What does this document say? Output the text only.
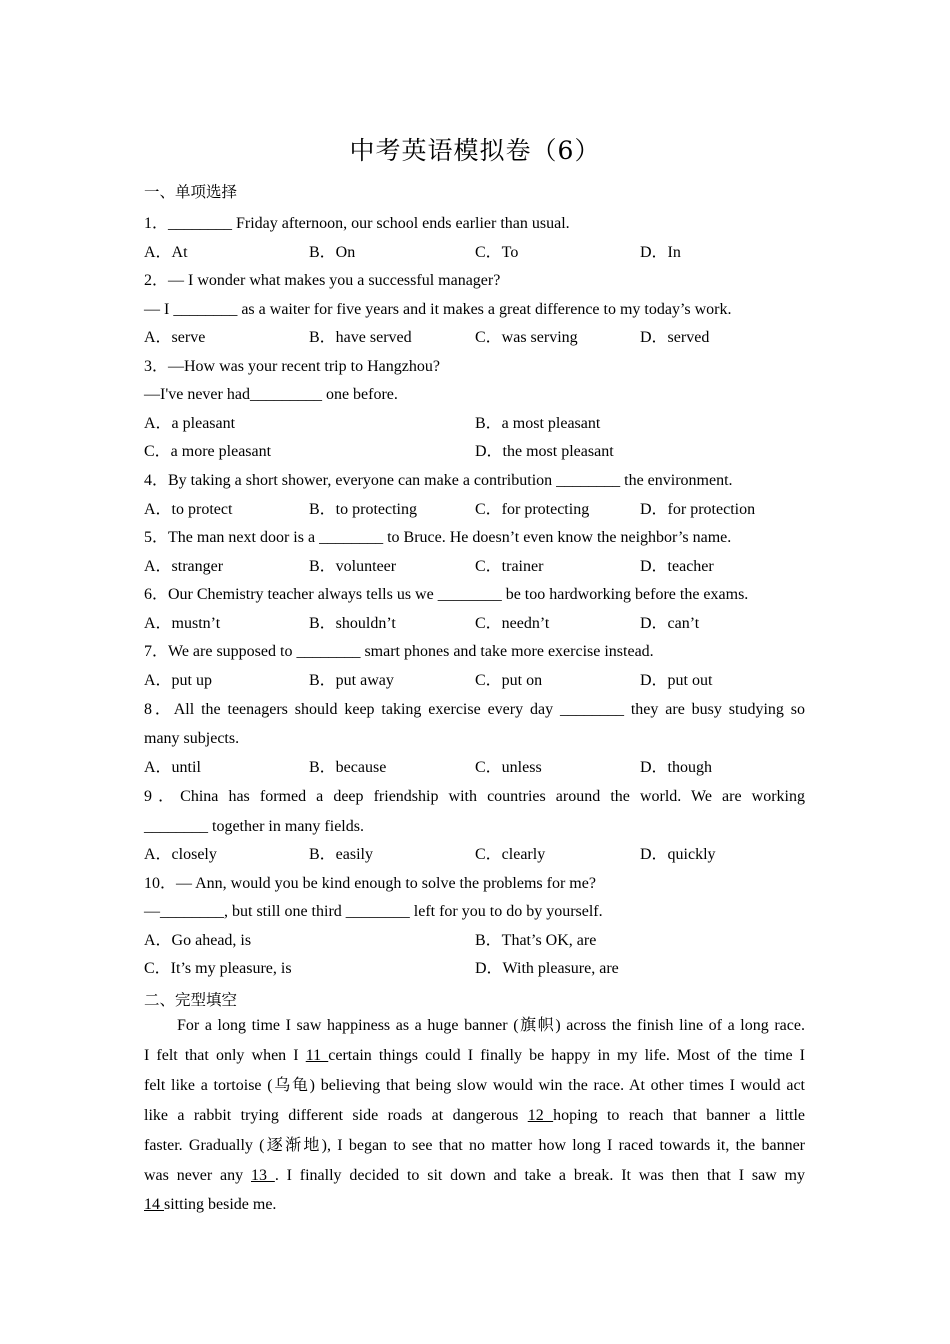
中考英语模拟卷（6）
一、单项选择
1．________ Friday afternoon, our school ends earlier than usual.
A．At	B．On	C．To	D．In
2．— I wonder what makes you a successful manager?
— I ________ as a waiter for five years and it makes a great difference to my today’s work.
A．serve	B．have served	C．was serving	D．served
3．—How was your recent trip to Hangzhou?
—I've never had_________ one before.
A．a pleasant	B．a most pleasant
C．a more pleasant	D．the most pleasant
4．By taking a short shower, everyone can make a contribution ________ the environment.
A．to protect	B．to protecting	C．for protecting	D．for protection
5．The man next door is a ________ to Bruce. He doesn’t even know the neighbor’s name.
A．stranger	B．volunteer	C．trainer	D．teacher
6．Our Chemistry teacher always tells us we ________ be too hardworking before the exams.
A．mustn’t	B．shouldn’t	C．needn’t	D．can’t
7．We are supposed to ________ smart phones and take more exercise instead.
A．put up	B．put away	C．put on	D．put out
8．All the teenagers should keep taking exercise every day ________ they are busy studying so
many subjects.
A．until	B．because	C．unless	D．though
9．China has formed a deep friendship with countries around the world. We are working
________ together in many fields.
A．closely	B．easily	C．clearly	D．quickly
10．— Ann, would you be kind enough to solve the problems for me?
—________, but still one third ________ left for you to do by yourself.
A．Go ahead, is	B．That’s OK, are
C．It’s my pleasure, is	D．With pleasure, are
二、完型填空
For a long time I saw happiness as a huge banner (旗帜) across the finish line of a long race.
I felt that only when I 11 certain things could I finally be happy in my life. Most of the time I
felt like a tortoise (乌龟) believing that being slow would win the race. At other times I would act
like a rabbit trying different side roads at dangerous 12 hoping to reach that banner a little
faster. Gradually (逐渐地), I began to see that no matter how long I raced towards it, the banner
was never any 13 . I finally decided to sit down and take a break. It was then that I saw my
14 sitting beside me.
